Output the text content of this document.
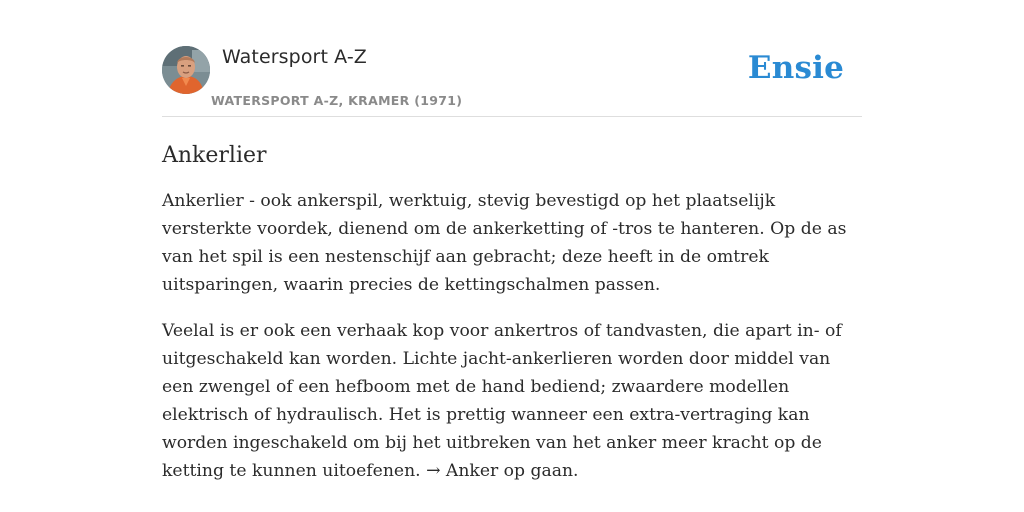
Watersport A-Z
WATERSPORT A-Z, KRAMER (1971)
Ensie
Ankerlier

Ankerlier - ook ankerspil, werktuig, stevig bevestigd op het plaatselijk versterkte voordek, dienend om de ankerketting of -tros te hanteren. Op de as van het spil is een nestenschijf aan gebracht; deze heeft in de omtrek uitsparingen, waarin precies de kettingschalmen passen.

Veelal is er ook een verhaak kop voor ankertros of tandvasten, die apart in- of uitgeschakeld kan worden. Lichte jacht-ankerlieren worden door middel van een zwengel of een hefboom met de hand bediend; zwaardere modellen elektrisch of hydraulisch. Het is prettig wanneer een extra-vertraging kan worden ingeschakeld om bij het uitbreken van het anker meer kracht op de ketting te kunnen uitoefenen. → Anker op gaan.
